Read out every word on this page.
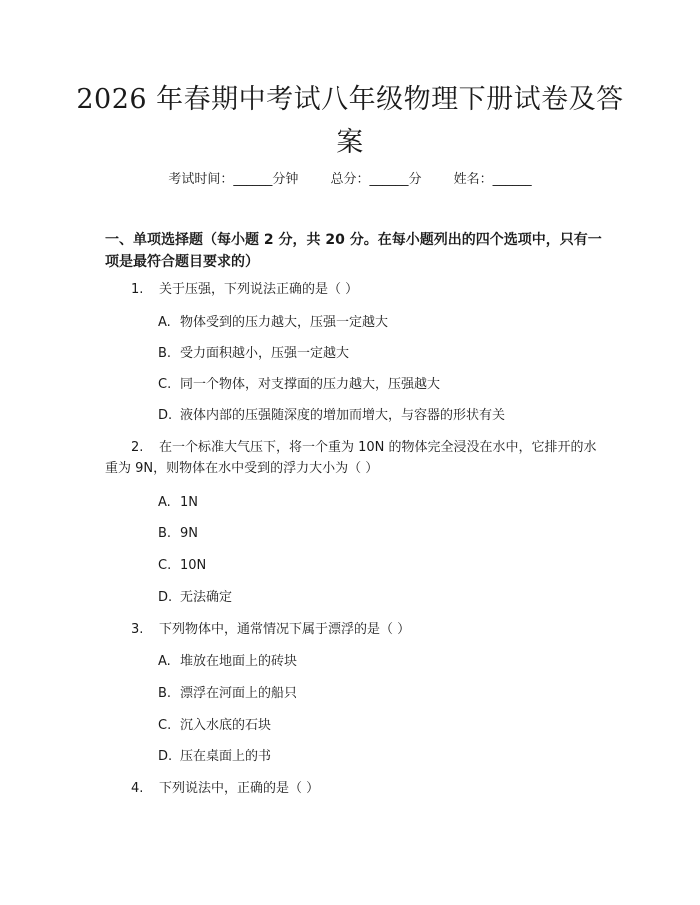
2026 年春期中考试八年级物理下册试卷及答
案
考试时间：______分钟 总分：______分 姓名：______
一、单项选择题（每小题 2 分，共 20 分。在每小题列出的四个选项中，只有一项是最符合题目要求的）
1. 关于压强，下列说法正确的是（ ）
A. 物体受到的压力越大，压强一定越大
B. 受力面积越小，压强一定越大
C. 同一个物体，对支撑面的压力越大，压强越大
D. 液体内部的压强随深度的增加而增大，与容器的形状有关
2. 在一个标准大气压下，将一个重为 10N 的物体完全浸没在水中，它排开的水重为 9N，则物体在水中受到的浮力大小为（ ）
A. 1N
B. 9N
C. 10N
D. 无法确定
3. 下列物体中，通常情况下属于漂浮的是（ ）
A. 堆放在地面上的砖块
B. 漂浮在河面上的船只
C. 沉入水底的石块
D. 压在桌面上的书
4. 下列说法中，正确的是（ ）
